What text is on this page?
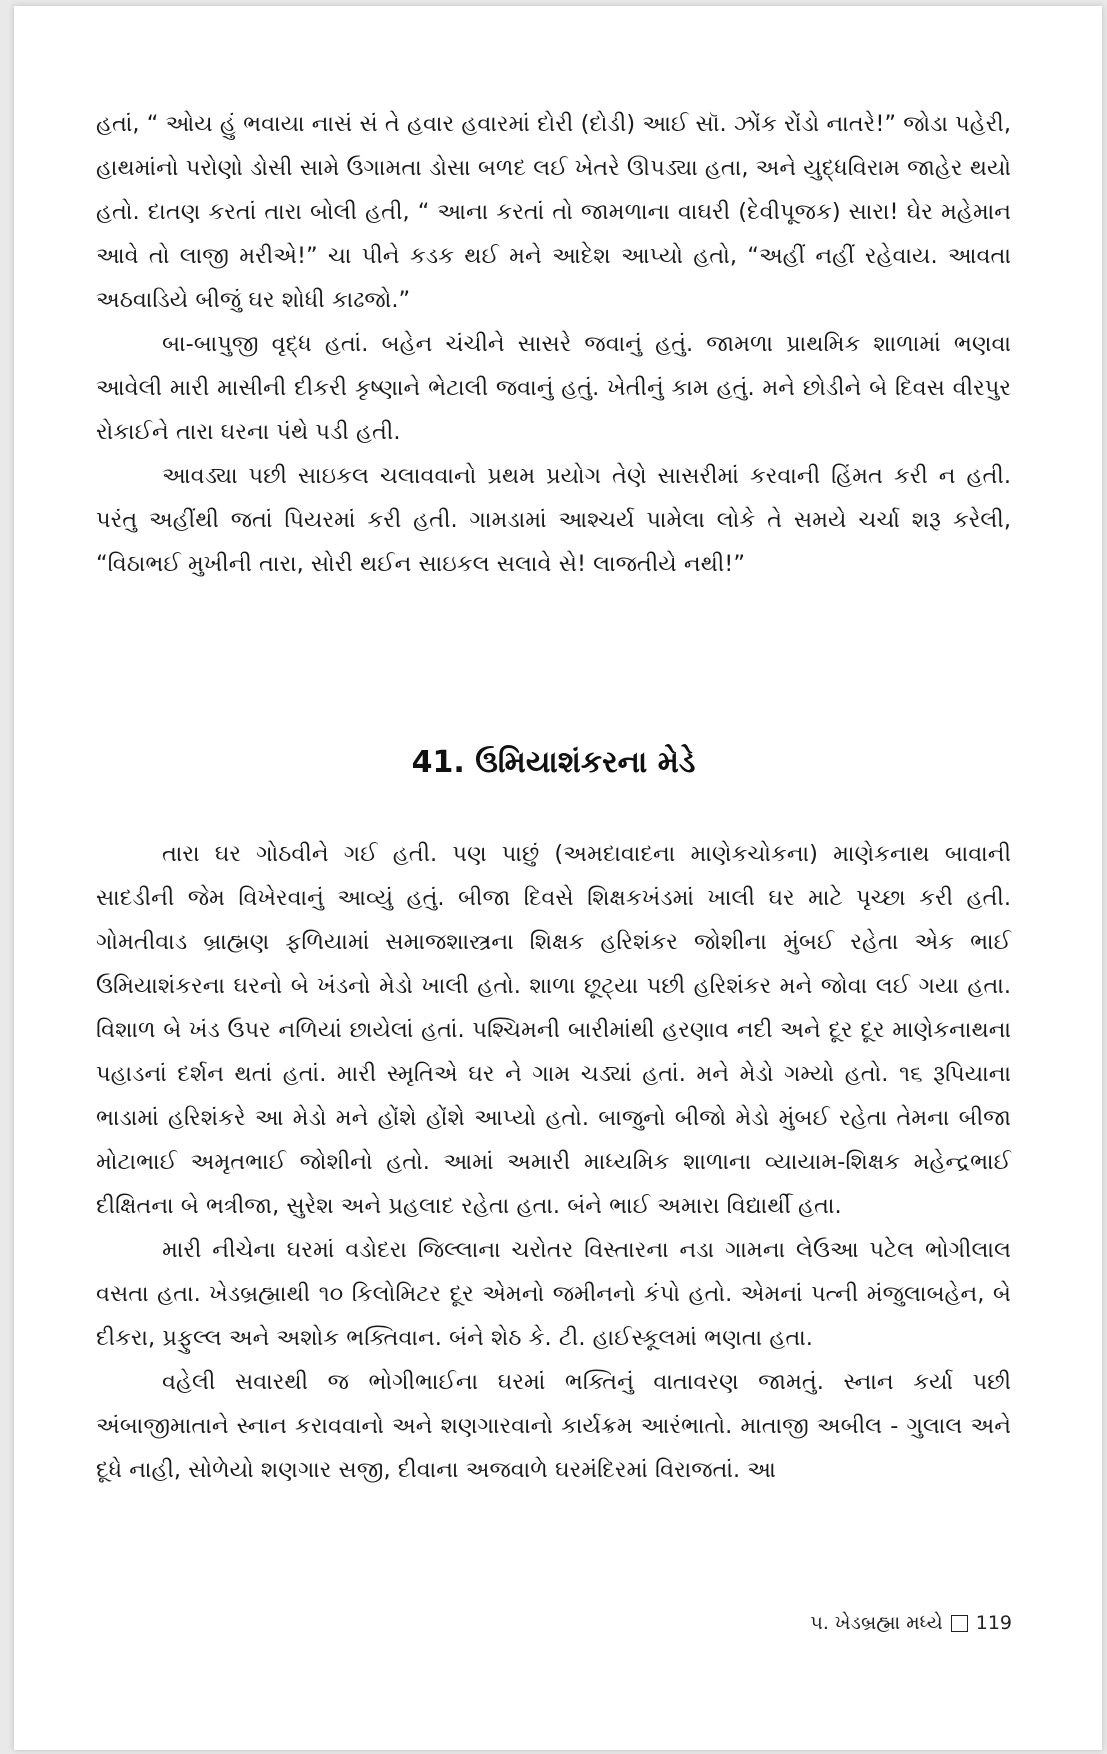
હતાં, “ ઓય હું ભવાયા નાસં સં તે હવાર હવારમાં દોરી (દોડી) આઈ સૉ. ઝોંક રોંડો નાતરે!” જોડા પહેરી, હાથમાંનો પરોણો ડોસી સામે ઉગામતા ડોસા બળદ લઈ ખેતરે ઊપડ્યા હતા, અને યુદ્ધવિરામ જાહેર થયો હતો. દાતણ કરતાં તારા બોલી હતી, “ આના કરતાં તો જામળાના વાઘરી (દેવીપૂજક) સારા! ઘેર મહેમાન આવે તો લાજી મરીએ!” ચા પીને કડક થઈ મને આદેશ આપ્યો હતો, “અહીં નહીં રહેવાય. આવતા અઠવાડિયે બીજું ઘર શોધી કાઢજો.”

બા-બાપુજી વૃદ્ધ હતાં. બહેન ચંચીને સાસરે જવાનું હતું. જામળા પ્રાથમિક શાળામાં ભણવા આવેલી મારી માસીની દીકરી કૃષ્ણાને ભેટાલી જવાનું હતું. ખેતીનું કામ હતું. મને છોડીને બે દિવસ વીરપુર રોકાઈને તારા ઘરના પંથે પડી હતી.

આવડ્યા પછી સાઇકલ ચલાવવાનો પ્રથમ પ્રયોગ તેણે સાસરીમાં કરવાની હિંમત કરી ન હતી. પરંતુ અહીંથી જતાં પિયરમાં કરી હતી. ગામડામાં આશ્ચર્ય પામેલા લોકે તે સમયે ચર્ચા શરૂ કરેલી, “વિઠાભઈ મુખીની તારા, સોરી થઈન સાઇકલ સલાવે સે! લાજતીયે નથી!”

41. ઉમિયાશંકરના મેડે

તારા ઘર ગોઠવીને ગઈ હતી. પણ પાછું (અમદાવાદના માણેકચોકના) માણેકનાથ બાવાની સાદડીની જેમ વિખેરવાનું આવ્યું હતું. બીજા દિવસે શિક્ષકખંડમાં ખાલી ઘર માટે પૃચ્છા કરી હતી. ગોમતીવાડ બ્રાહ્મણ ફળિયામાં સમાજશાસ્ત્રના શિક્ષક હરિશંકર જોશીના મુંબઈ રહેતા એક ભાઈ ઉમિયાશંકરના ઘરનો બે ખંડનો મેડો ખાલી હતો. શાળા છૂટ્યા પછી હરિશંકર મને જોવા લઈ ગયા હતા. વિશાળ બે ખંડ ઉપર નળિયાં છાયેલાં હતાં. પશ્ચિમની બારીમાંથી હરણાવ નદી અને દૂર દૂર માણેકનાથના પહાડનાં દર્શન થતાં હતાં. મારી સ્મૃતિએ ઘર ને ગામ ચડ્યાં હતાં. મને મેડો ગમ્યો હતો. ૧૬ રૂપિયાના ભાડામાં હરિશંકરે આ મેડો મને હોંશે હોંશે આપ્યો હતો. બાજુનો બીજો મેડો મુંબઈ રહેતા તેમના બીજા મોટાભાઈ અમૃતભાઈ જોશીનો હતો. આમાં અમારી માધ્યમિક શાળાના વ્યાયામ-શિક્ષક મહેન્દ્રભાઈ દીક્ષિતના બે ભત્રીજા, સુરેશ અને પ્રહલાદ રહેતા હતા. બંને ભાઈ અમારા વિદ્યાર્થી હતા.

મારી નીચેના ઘરમાં વડોદરા જિલ્લાના ચરોતર વિસ્તારના નડા ગામના લેઉઆ પટેલ ભોગીલાલ વસતા હતા. ખેડબ્રહ્માથી ૧૦ કિલોમિટર દૂર એમનો જમીનનો કંપો હતો. એમનાં પત્ની મંજુલાબહેન, બે દીકરા, પ્રફુલ્લ અને અશોક ભક્તિવાન. બંને શેઠ કે. ટી. હાઈસ્કૂલમાં ભણતા હતા.

વહેલી સવારથી જ ભોગીભાઈના ઘરમાં ભક્તિનું વાતાવરણ જામતું. સ્નાન કર્યા પછી અંબાજીમાતાને સ્નાન કરાવવાનો અને શણગારવાનો કાર્યક્રમ આરંભાતો. માતાજી અબીલ - ગુલાલ અને દૂધે નાહી, સોળેયો શણગાર સજી, દીવાના અજવાળે ઘરમંદિરમાં વિરાજતાં. આ

૫. ખેડબ્રહ્મા મધ્યે 119
